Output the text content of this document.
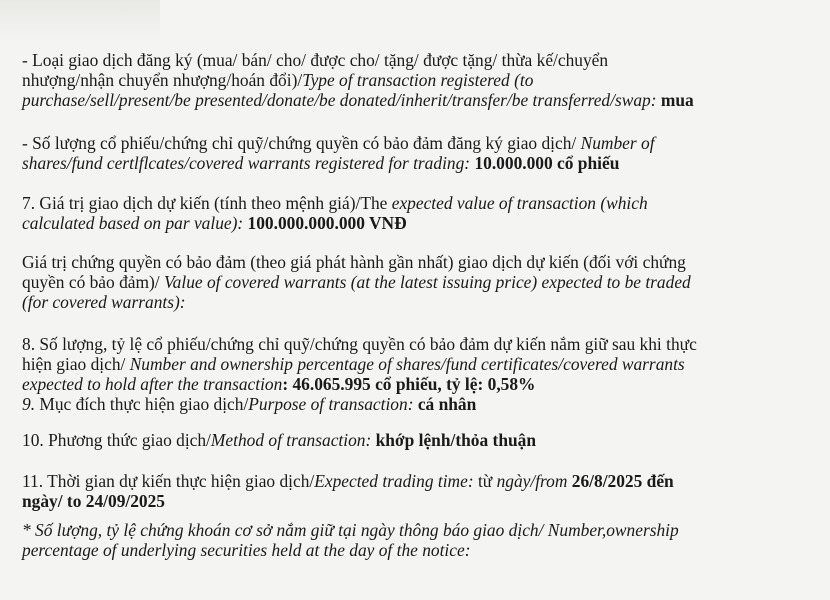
- Loại giao dịch đăng ký (mua/ bán/ cho/ được cho/ tặng/ được tặng/ thừa kế/chuyển
nhượng/nhận chuyển nhượng/hoán đổi)/Type of transaction registered (to
purchase/sell/present/be presented/donate/be donated/inherit/transfer/be transferred/swap: mua

- Số lượng cổ phiếu/chứng chỉ quỹ/chứng quyền có bảo đảm đăng ký giao dịch/ Number of
shares/fund certlflcates/covered warrants registered for trading: 10.000.000 cổ phiếu

7. Giá trị giao dịch dự kiến (tính theo mệnh giá)/The expected value of transaction (which
calculated based on par value): 100.000.000.000 VNĐ

Giá trị chứng quyền có bảo đảm (theo giá phát hành gần nhất) giao dịch dự kiến (đối với chứng
quyền có bảo đảm)/ Value of covered warrants (at the latest issuing price) expected to be traded
(for covered warrants):

8. Số lượng, tỷ lệ cổ phiếu/chứng chỉ quỹ/chứng quyền có bảo đảm dự kiến nắm giữ sau khi thực
hiện giao dịch/ Number and ownership percentage of shares/fund certificates/covered warrants
expected to hold after the transaction: 46.065.995 cổ phiếu, tỷ lệ: 0,58%
9. Mục đích thực hiện giao dịch/Purpose of transaction: cá nhân

10. Phương thức giao dịch/Method of transaction: khớp lệnh/thỏa thuận

11. Thời gian dự kiến thực hiện giao dịch/Expected trading time: từ ngày/from 26/8/2025 đến
ngày/ to 24/09/2025

* Số lượng, tỷ lệ chứng khoán cơ sở nắm giữ tại ngày thông báo giao dịch/ Number,ownership
percentage of underlying securities held at the day of the notice:
